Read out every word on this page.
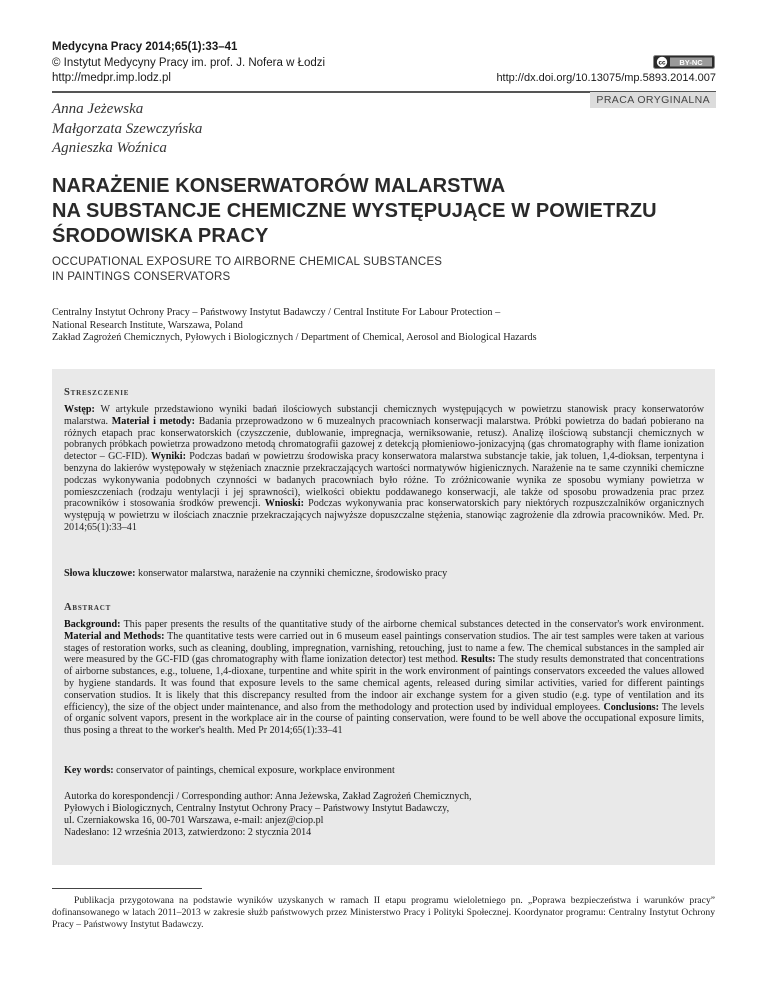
Medycyna Pracy 2014;65(1):33–41
© Instytut Medycyny Pracy im. prof. J. Nofera w Łodzi
http://medpr.imp.lodz.pl
cc BY-NC
http://dx.doi.org/10.13075/mp.5893.2014.007
PRACA ORYGINALNA
Anna Jeżewska
Małgorzata Szewczyńska
Agnieszka Woźnica
NARAŻENIE KONSERWATORÓW MALARSTWA
NA SUBSTANCJE CHEMICZNE WYSTĘPUJĄCE W POWIETRZU
ŚRODOWISKA PRACY
OCCUPATIONAL EXPOSURE TO AIRBORNE CHEMICAL SUBSTANCES
IN PAINTINGS CONSERVATORS
Centralny Instytut Ochrony Pracy – Państwowy Instytut Badawczy / Central Institute For Labour Protection –
National Research Institute, Warszawa, Poland
Zakład Zagrożeń Chemicznych, Pyłowych i Biologicznych / Department of Chemical, Aerosol and Biological Hazards
Streszczenie
Wstęp: W artykule przedstawiono wyniki badań ilościowych substancji chemicznych występujących w powietrzu stanowisk pracy konserwatorów malarstwa. Materiał i metody: Badania przeprowadzono w 6 muzealnych pracowniach konserwacji malarstwa. Próbki powietrza do badań pobierano na różnych etapach prac konserwatorskich (czyszczenie, dublowanie, impregnacja, werniksowanie, retusz). Analizę ilościową substancji chemicznych w pobranych próbkach powietrza prowadzono metodą chromatografii gazowej z detekcją płomieniowo-jonizacyjną (gas chromatography with flame ionization detector – GC-FID). Wyniki: Podczas badań w powietrzu środowiska pracy konserwatora malarstwa substancje takie, jak toluen, 1,4-dioksan, terpentyna i benzyna do lakierów występowały w stężeniach znacznie przekraczających wartości normatywów higienicznych. Narażenie na te same czynniki chemiczne podczas wykonywania podobnych czynności w badanych pracowniach było różne. To zróżnicowanie wynika ze sposobu wymiany powietrza w pomieszczeniach (rodzaju wentylacji i jej sprawności), wielkości obiektu poddawanego konserwacji, ale także od sposobu prowadzenia prac przez pracowników i stosowania środków prewencji. Wnioski: Podczas wykonywania prac konserwatorskich pary niektórych rozpuszczalników organicznych występują w powietrzu w ilościach znacznie przekraczających najwyższe dopuszczalne stężenia, stanowiąc zagrożenie dla zdrowia pracowników. Med. Pr. 2014;65(1):33–41
Słowa kluczowe: konserwator malarstwa, narażenie na czynniki chemiczne, środowisko pracy
Abstract
Background: This paper presents the results of the quantitative study of the airborne chemical substances detected in the conservator's work environment. Material and Methods: The quantitative tests were carried out in 6 museum easel paintings conservation studios. The air test samples were taken at various stages of restoration works, such as cleaning, doubling, impregnation, varnishing, retouching, just to name a few. The chemical substances in the sampled air were measured by the GC-FID (gas chromatography with flame ionization detector) test method. Results: The study results demonstrated that concentrations of airborne substances, e.g., toluene, 1,4-dioxane, turpentine and white spirit in the work environment of paintings conservators exceeded the values allowed by hygiene standards. It was found that exposure levels to the same chemical agents, released during similar activities, varied for different paintings conservation studios. It is likely that this discrepancy resulted from the indoor air exchange system for a given studio (e.g. type of ventilation and its efficiency), the size of the object under maintenance, and also from the methodology and protection used by individual employees. Conclusions: The levels of organic solvent vapors, present in the workplace air in the course of painting conservation, were found to be well above the occupational exposure limits, thus posing a threat to the worker's health. Med Pr 2014;65(1):33–41
Key words: conservator of paintings, chemical exposure, workplace environment
Autorka do korespondencji / Corresponding author: Anna Jeżewska, Zakład Zagrożeń Chemicznych,
Pyłowych i Biologicznych, Centralny Instytut Ochrony Pracy – Państwowy Instytut Badawczy,
ul. Czerniakowska 16, 00-701 Warszawa, e-mail: anjez@ciop.pl
Nadesłano: 12 września 2013, zatwierdzono: 2 stycznia 2014
Publikacja przygotowana na podstawie wyników uzyskanych w ramach II etapu programu wieloletniego pn. „Poprawa bezpieczeństwa i warunków pracy” dofinansowanego w latach 2011–2013 w zakresie służb państwowych przez Ministerstwo Pracy i Polityki Społecznej. Koordynator programu: Centralny Instytut Ochrony Pracy – Państwowy Instytut Badawczy.
